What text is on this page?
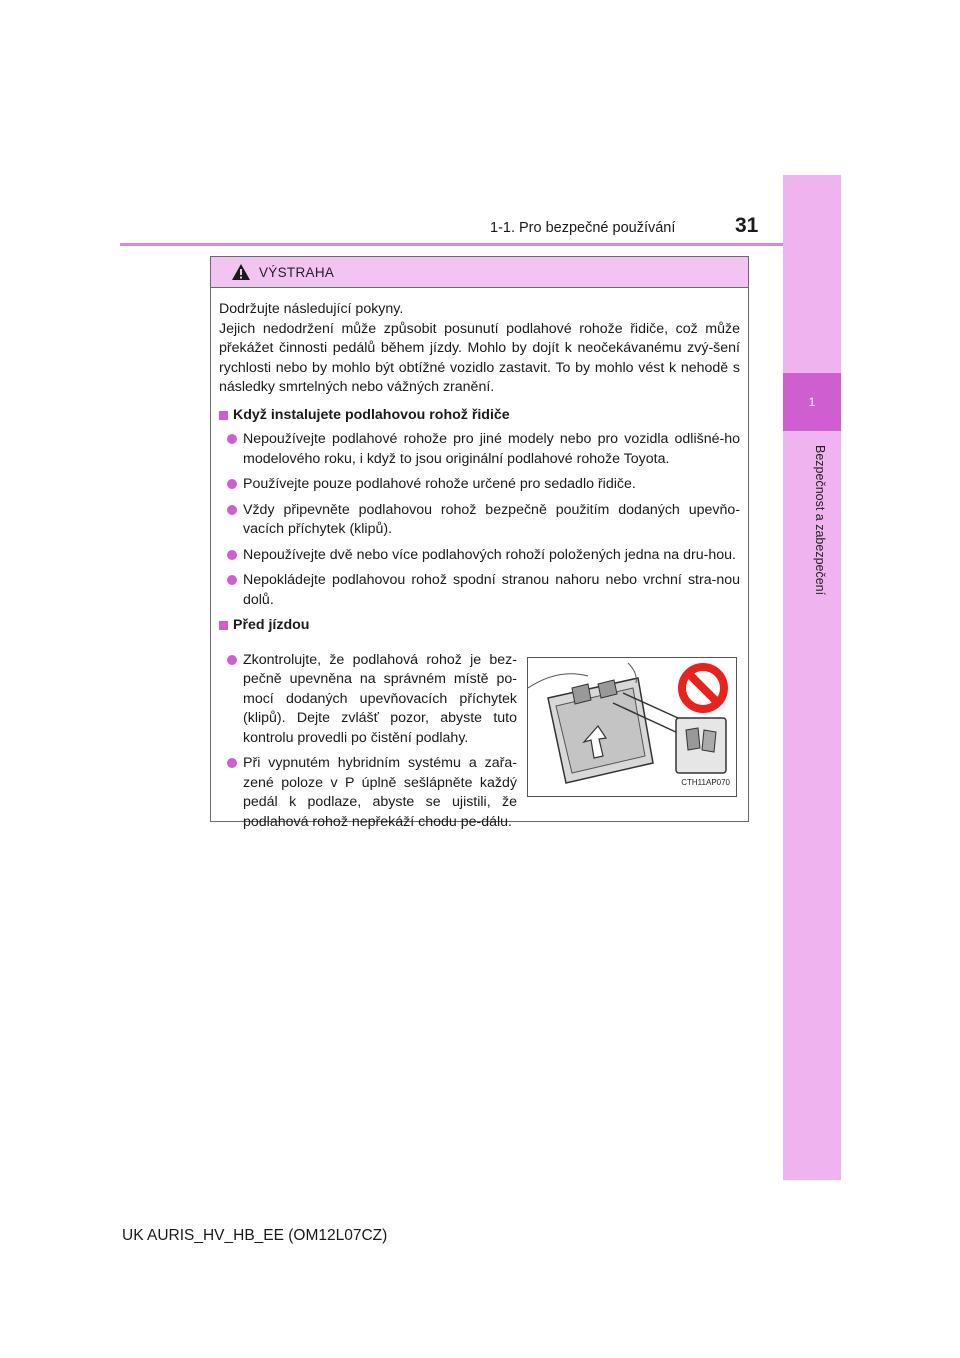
1
Bezpečnost a zabezpečení
1-1. Pro bezpečné používání	31
VÝSTRAHA

Dodržujte následující pokyny.

Jejich nedodržení může způsobit posunutí podlahové rohože řidiče, což může překážet činnosti pedálů během jízdy. Mohlo by dojít k neočekávanému zvý-šení rychlosti nebo by mohlo být obtížné vozidlo zastavit. To by mohlo vést k nehodě s následky smrtelných nebo vážných zranění.

Když instalujete podlahovou rohož řidiče
Nepoužívejte podlahové rohože pro jiné modely nebo pro vozidla odlišné-ho modelového roku, i když to jsou originální podlahové rohože Toyota.
Používejte pouze podlahové rohože určené pro sedadlo řidiče.
Vždy připevněte podlahovou rohož bezpečně použitím dodaných upevňo-vacích příchytek (klipů).
Nepoužívejte dvě nebo více podlahových rohoží položených jedna na dru-hou.
Nepokládejte podlahovou rohož spodní stranou nahoru nebo vrchní stra-nou dolů.
Před jízdou
Zkontrolujte, že podlahová rohož je bez-pečně upevněna na správném místě po-mocí dodaných upevňovacích příchytek (klipů). Dejte zvlášť pozor, abyste tuto kontrolu provedli po čistění podlahy.
Při vypnutém hybridním systému a zařa-zené poloze v P úplně sešlápněte každý pedál k podlaze, abyste se ujistili, že podlahová rohož nepřekáží chodu pe-dálu.
CTH11AP070
UK AURIS_HV_HB_EE (OM12L07CZ)
